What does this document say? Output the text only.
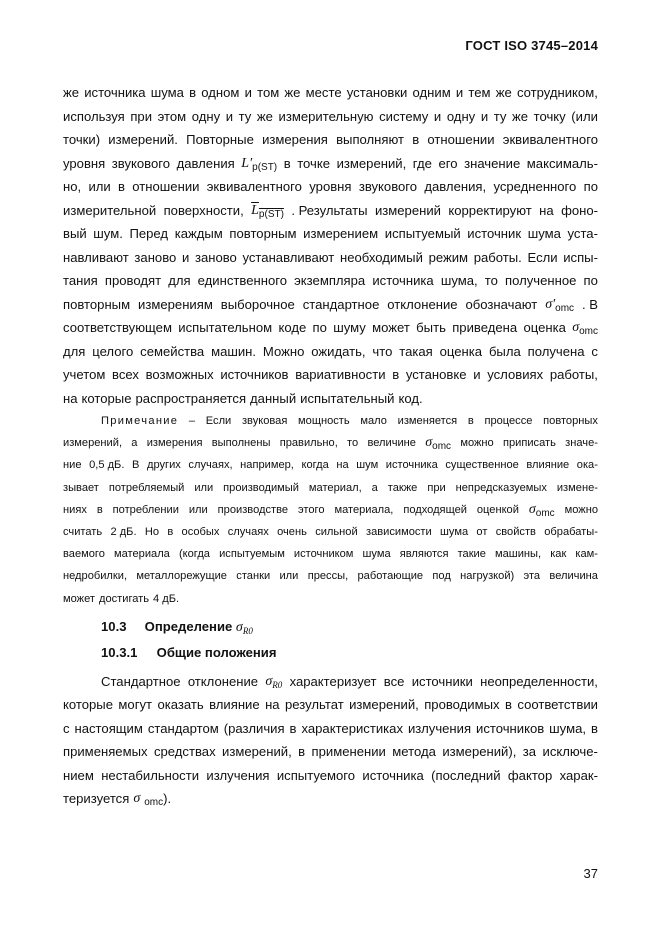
ГОСТ ISO 3745–2014
же источника шума в одном и том же месте установки одним и тем же сотрудником,
используя при этом одну и ту же измерительную систему и одну и ту же точку (или
точки) измерений. Повторные измерения выполняют в отношении эквивалентного
уровня звукового давления $L'_{p(ST)}$ в точке измерений, где его значение максималь-
но, или в отношении эквивалентного уровня звукового давления, усредненного по
измерительной поверхности, $L_{p(ST)}$ . Результаты измерений корректируют на фоно-
вый шум. Перед каждым повторным измерением испытуемый источник шума уста-
навливают заново и заново устанавливают необходимый режим работы. Если испы-
тания проводят для единственного экземпляра источника шума, то полученное по
повторным измерениям выборочное стандартное отклонение обозначают $\sigma'_{omc}$ . В
соответствующем испытательном коде по шуму может быть приведена оценка $\sigma_{omc}$
для целого семейства машин. Можно ожидать, что такая оценка была получена с
учетом всех возможных источников вариативности в установке и условиях работы,
на которые распространяется данный испытательный код.
Примечание – Если звуковая мощность мало изменяется в процессе повторных
измерений, а измерения выполнены правильно, то величине $\sigma_{omc}$ можно приписать значе-
ние 0,5 дБ. В других случаях, например, когда на шум источника существенное влияние ока-
зывает потребляемый или производимый материал, а также при непредсказуемых измене-
ниях в потреблении или производстве этого материала, подходящей оценкой $\sigma_{omc}$ можно
считать 2 дБ. Но в особых случаях очень сильной зависимости шума от свойств обрабаты-
ваемого материала (когда испытуемым источником шума являются такие машины, как кам-
недробилки, металлорежущие станки или прессы, работающие под нагрузкой) эта величина
может достигать 4 дБ.
10.3 Определение $\sigma_{R0}$
10.3.1 Общие положения
Стандартное отклонение $\sigma_{R0}$ характеризует все источники неопределенности,
которые могут оказать влияние на результат измерений, проводимых в соответствии
с настоящим стандартом (различия в характеристиках излучения источников шума, в
применяемых средствах измерений, в применении метода измерений), за исключе-
нием нестабильности излучения испытуемого источника (последний фактор харак-
теризуется σ $_{omc}$ ).
37
